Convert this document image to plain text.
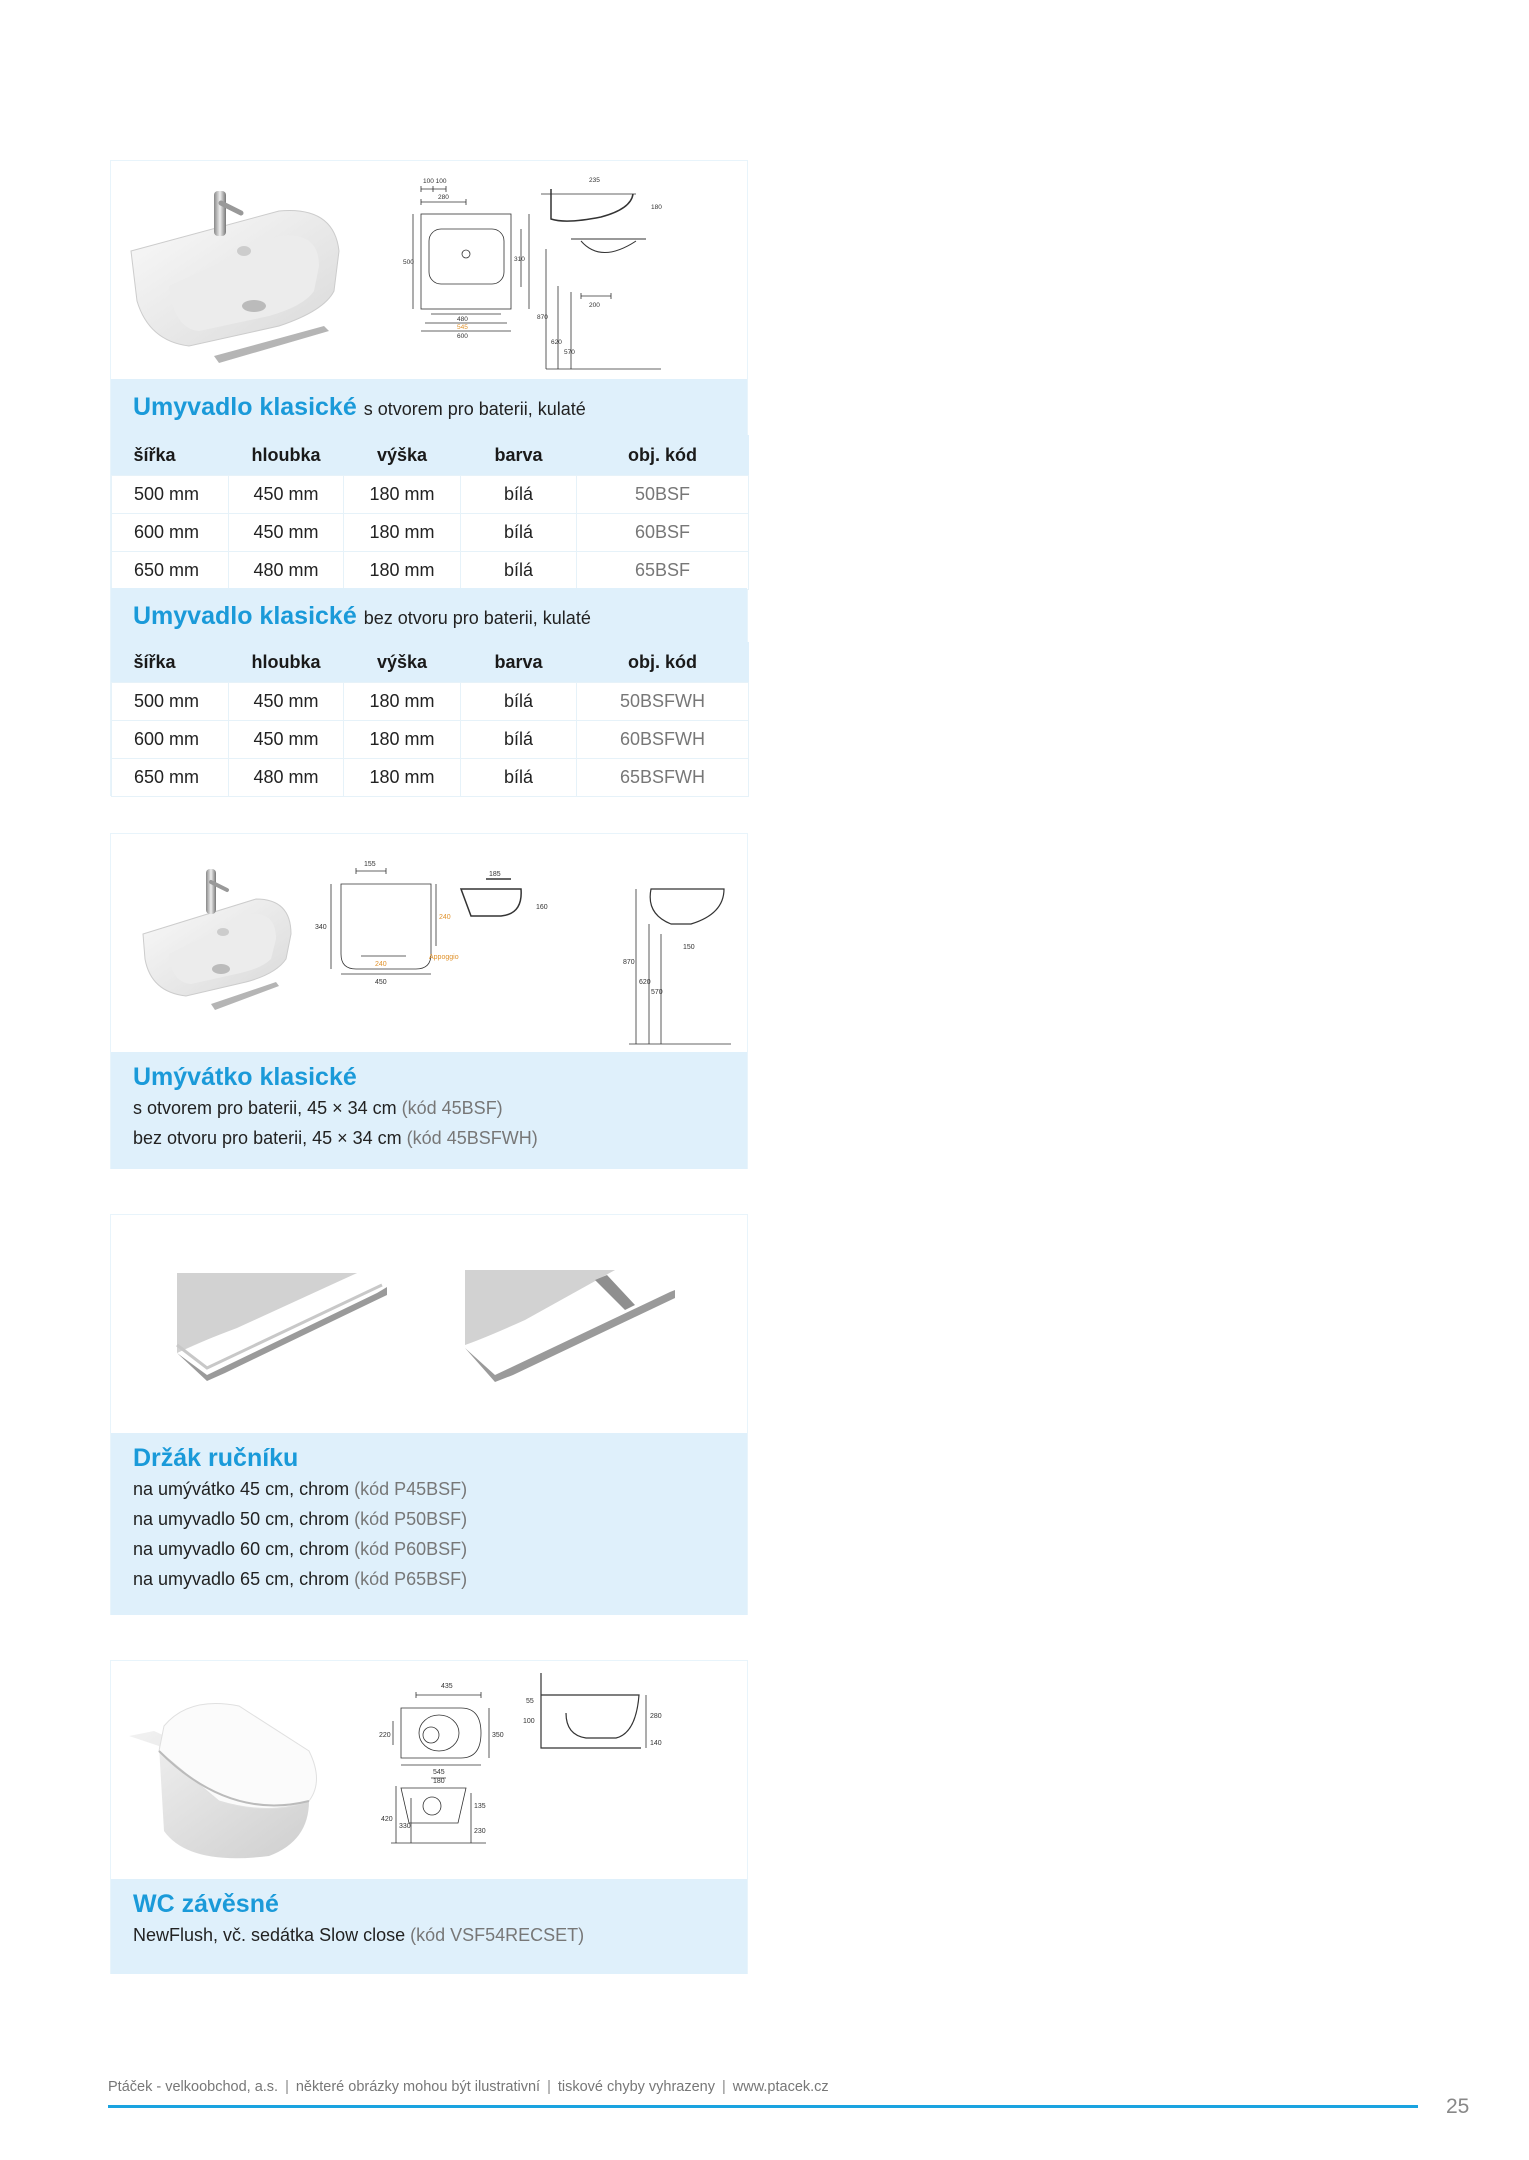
100 100
280
500	310
480
545
600
235
180
870
620
570
200
Umyvadlo klasické s otvorem pro baterii, kulaté
šířka	hloubka	výška	barva	obj. kód
500 mm	450 mm	180 mm	bílá	50BSF
600 mm	450 mm	180 mm	bílá	60BSF
650 mm	480 mm	180 mm	bílá	65BSF
Umyvadlo klasické bez otvoru pro baterii, kulaté
šířka	hloubka	výška	barva	obj. kód
500 mm	450 mm	180 mm	bílá	50BSFWH
600 mm	450 mm	180 mm	bílá	60BSFWH
650 mm	480 mm	180 mm	bílá	65BSFWH
155
340
240
240
Appoggio
450
185
160
870
620
570
150
Umývátko klasické
s otvorem pro baterii, 45 × 34 cm (kód 45BSF)
bez otvoru pro baterii, 45 × 34 cm (kód 45BSFWH)
Držák ručníku
na umývátko 45 cm, chrom (kód P45BSF)
na umyvadlo 50 cm, chrom (kód P50BSF)
na umyvadlo 60 cm, chrom (kód P60BSF)
na umyvadlo 65 cm, chrom (kód P65BSF)
435
220	350
545
180
420
330
135
230
55
100
280
140
WC závěsné
NewFlush, vč. sedátka Slow close (kód VSF54RECSET)
Ptáček - velkoobchod, a.s. | některé obrázky mohou být ilustrativní | tiskové chyby vyhrazeny | www.ptacek.cz
25
